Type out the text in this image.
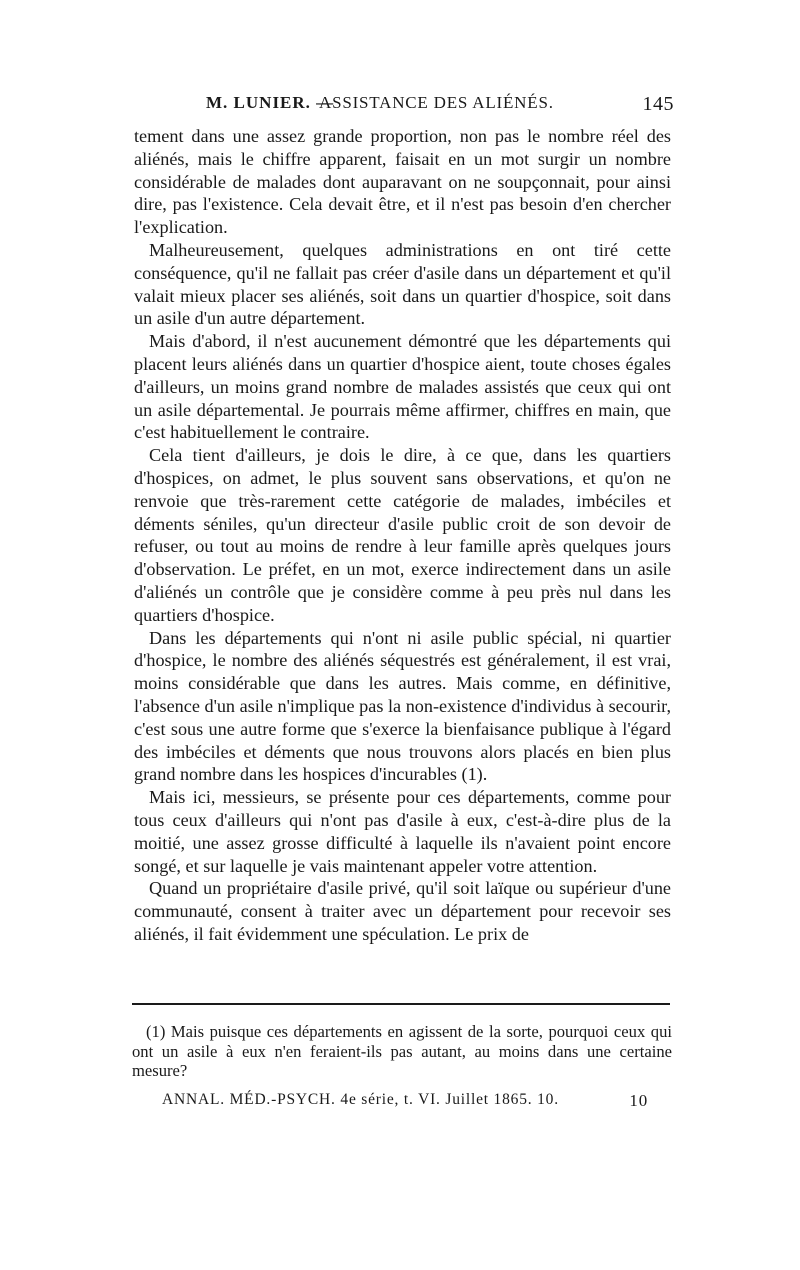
M. LUNIER. —
ASSISTANCE DES ALIÉNÉS.	145

tement dans une assez grande proportion, non pas le nombre réel des aliénés, mais le chiffre apparent, faisait en un mot surgir un nombre considérable de malades dont auparavant on ne soupçonnait, pour ainsi dire, pas l'existence. Cela devait être, et il n'est pas besoin d'en chercher l'explication.

Malheureusement, quelques administrations en ont tiré cette conséquence, qu'il ne fallait pas créer d'asile dans un département et qu'il valait mieux placer ses aliénés, soit dans un quartier d'hospice, soit dans un asile d'un autre département.

Mais d'abord, il n'est aucunement démontré que les départements qui placent leurs aliénés dans un quartier d'hospice aient, toute choses égales d'ailleurs, un moins grand nombre de malades assistés que ceux qui ont un asile départemental. Je pourrais même affirmer, chiffres en main, que c'est habituellement le contraire.

Cela tient d'ailleurs, je dois le dire, à ce que, dans les quartiers d'hospices, on admet, le plus souvent sans observations, et qu'on ne renvoie que très-rarement cette catégorie de malades, imbéciles et déments séniles, qu'un directeur d'asile public croit de son devoir de refuser, ou tout au moins de rendre à leur famille après quelques jours d'observation. Le préfet, en un mot, exerce indirectement dans un asile d'aliénés un contrôle que je considère comme à peu près nul dans les quartiers d'hospice.

Dans les départements qui n'ont ni asile public spécial, ni quartier d'hospice, le nombre des aliénés séquestrés est généralement, il est vrai, moins considérable que dans les autres. Mais comme, en définitive, l'absence d'un asile n'implique pas la non-existence d'individus à secourir, c'est sous une autre forme que s'exerce la bienfaisance publique à l'égard des imbéciles et déments que nous trouvons alors placés en bien plus grand nombre dans les hospices d'incurables (1).

Mais ici, messieurs, se présente pour ces départements, comme pour tous ceux d'ailleurs qui n'ont pas d'asile à eux, c'est-à-dire plus de la moitié, une assez grosse difficulté à laquelle ils n'avaient point encore songé, et sur laquelle je vais maintenant appeler votre attention.

Quand un propriétaire d'asile privé, qu'il soit laïque ou supérieur d'une communauté, consent à traiter avec un département pour recevoir ses aliénés, il fait évidemment une spéculation. Le prix de

(1) Mais puisque ces départements en agissent de la sorte, pourquoi ceux qui ont un asile à eux n'en feraient-ils pas autant, au moins dans une certaine mesure?

ANNAL. MÉD.-PSYCH. 4e série, t. VI. Juillet 1865. 10.	10
